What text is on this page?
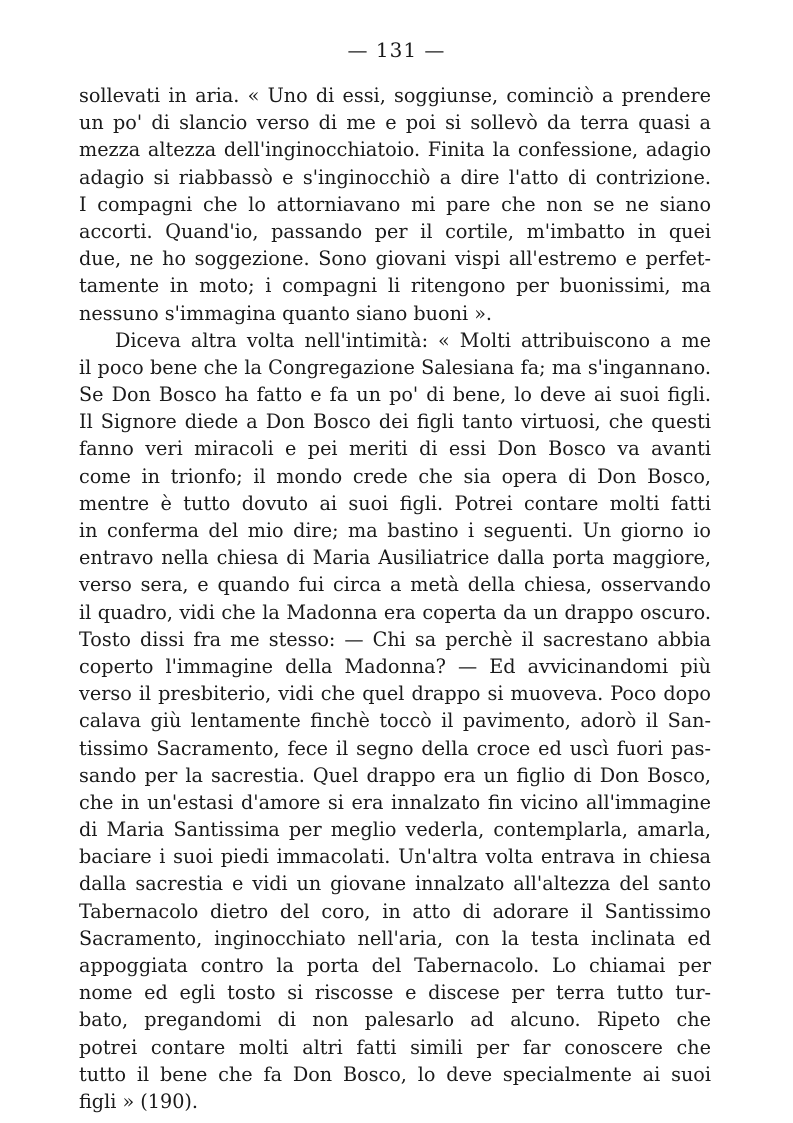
— 131 —
sollevati in aria. « Uno di essi, soggiunse, cominciò a prendere
un po' di slancio verso di me e poi si sollevò da terra quasi a
mezza altezza dell'inginocchiatoio. Finita la confessione, adagio
adagio si riabbassò e s'inginocchiò a dire l'atto di contrizione.
I compagni che lo attorniavano mi pare che non se ne siano
accorti. Quand'io, passando per il cortile, m'imbatto in quei
due, ne ho soggezione. Sono giovani vispi all'estremo e perfet-
tamente in moto; i compagni li ritengono per buonissimi, ma
nessuno s'immagina quanto siano buoni ».
Diceva altra volta nell'intimità: « Molti attribuiscono a me
il poco bene che la Congregazione Salesiana fa; ma s'ingannano.
Se Don Bosco ha fatto e fa un po' di bene, lo deve ai suoi figli.
Il Signore diede a Don Bosco dei figli tanto virtuosi, che questi
fanno veri miracoli e pei meriti di essi Don Bosco va avanti
come in trionfo; il mondo crede che sia opera di Don Bosco,
mentre è tutto dovuto ai suoi figli. Potrei contare molti fatti
in conferma del mio dire; ma bastino i seguenti. Un giorno io
entravo nella chiesa di Maria Ausiliatrice dalla porta maggiore,
verso sera, e quando fui circa a metà della chiesa, osservando
il quadro, vidi che la Madonna era coperta da un drappo oscuro.
Tosto dissi fra me stesso: — Chi sa perchè il sacrestano abbia
coperto l'immagine della Madonna? — Ed avvicinandomi più
verso il presbiterio, vidi che quel drappo si muoveva. Poco dopo
calava giù lentamente finchè toccò il pavimento, adorò il San-
tissimo Sacramento, fece il segno della croce ed uscì fuori pas-
sando per la sacrestia. Quel drappo era un figlio di Don Bosco,
che in un'estasi d'amore si era innalzato fin vicino all'immagine
di Maria Santissima per meglio vederla, contemplarla, amarla,
baciare i suoi piedi immacolati. Un'altra volta entrava in chiesa
dalla sacrestia e vidi un giovane innalzato all'altezza del santo
Tabernacolo dietro del coro, in atto di adorare il Santissimo
Sacramento, inginocchiato nell'aria, con la testa inclinata ed
appoggiata contro la porta del Tabernacolo. Lo chiamai per
nome ed egli tosto si riscosse e discese per terra tutto tur-
bato, pregandomi di non palesarlo ad alcuno. Ripeto che
potrei contare molti altri fatti simili per far conoscere che
tutto il bene che fa Don Bosco, lo deve specialmente ai suoi
figli » (190).
